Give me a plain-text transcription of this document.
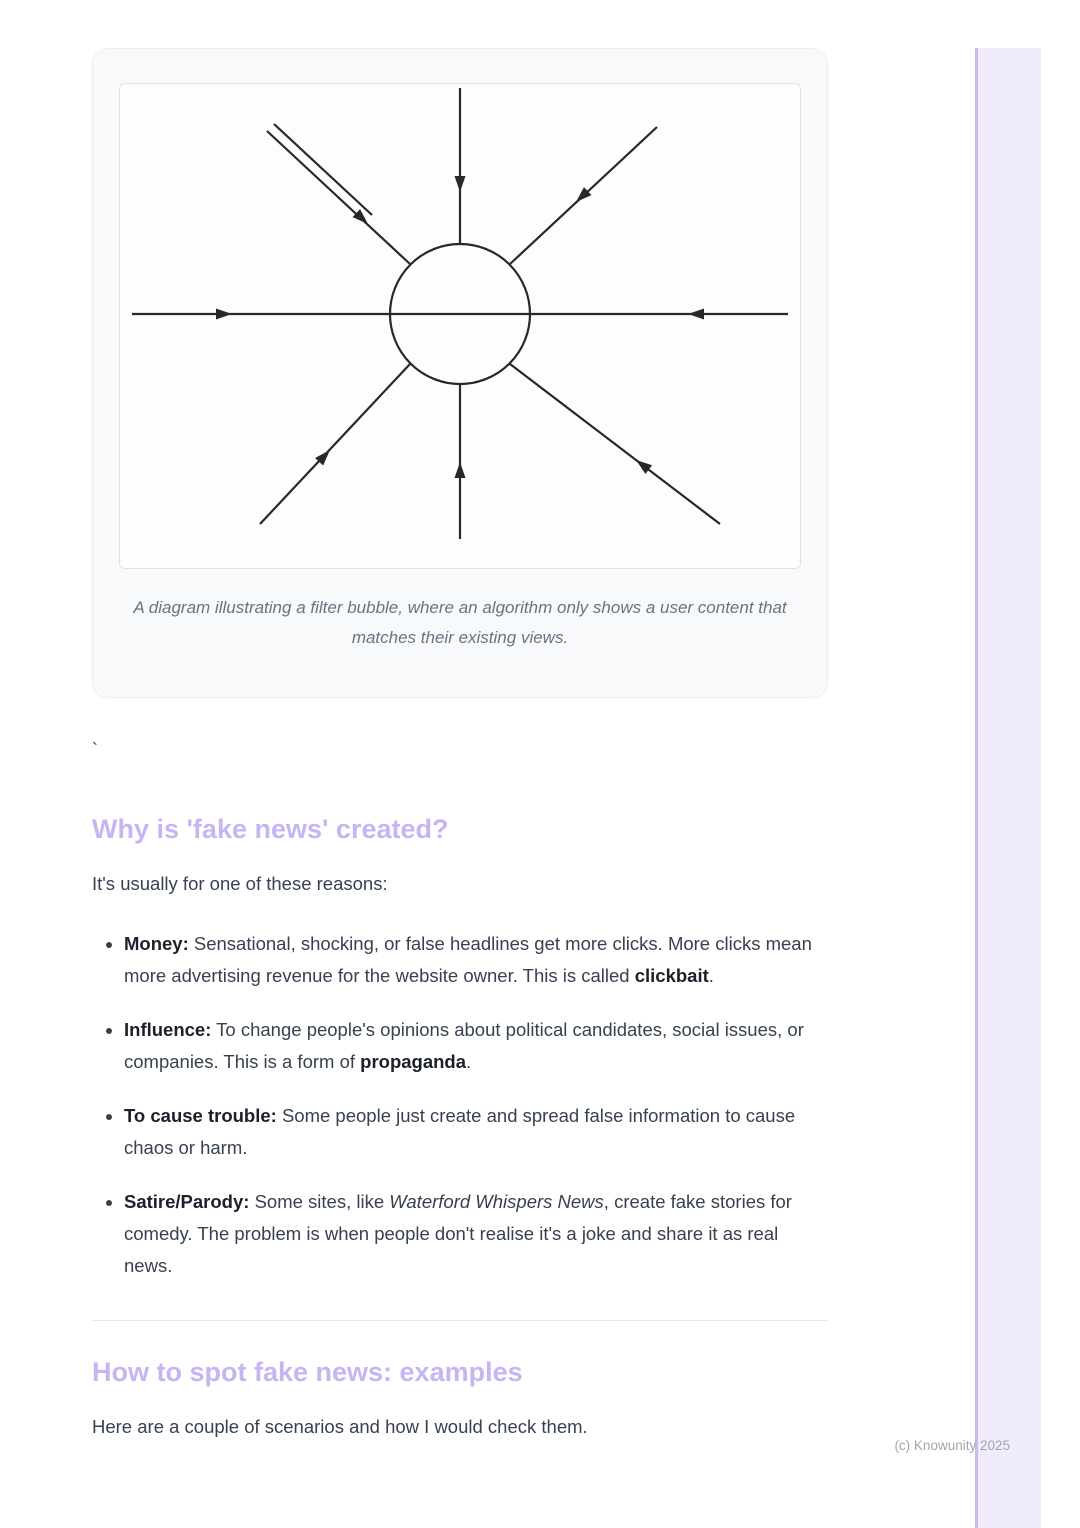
A diagram illustrating a filter bubble, where an algorithm only shows a user content that matches their existing views.

`

Why is 'fake news' created?

It's usually for one of these reasons:

• Money: Sensational, shocking, or false headlines get more clicks. More clicks mean more advertising revenue for the website owner. This is called clickbait.
• Influence: To change people's opinions about political candidates, social issues, or companies. This is a form of propaganda.
• To cause trouble: Some people just create and spread false information to cause chaos or harm.
• Satire/Parody: Some sites, like Waterford Whispers News, create fake stories for comedy. The problem is when people don't realise it's a joke and share it as real news.
How to spot fake news: examples

Here are a couple of scenarios and how I would check them.

(c) Knowunity 2025
